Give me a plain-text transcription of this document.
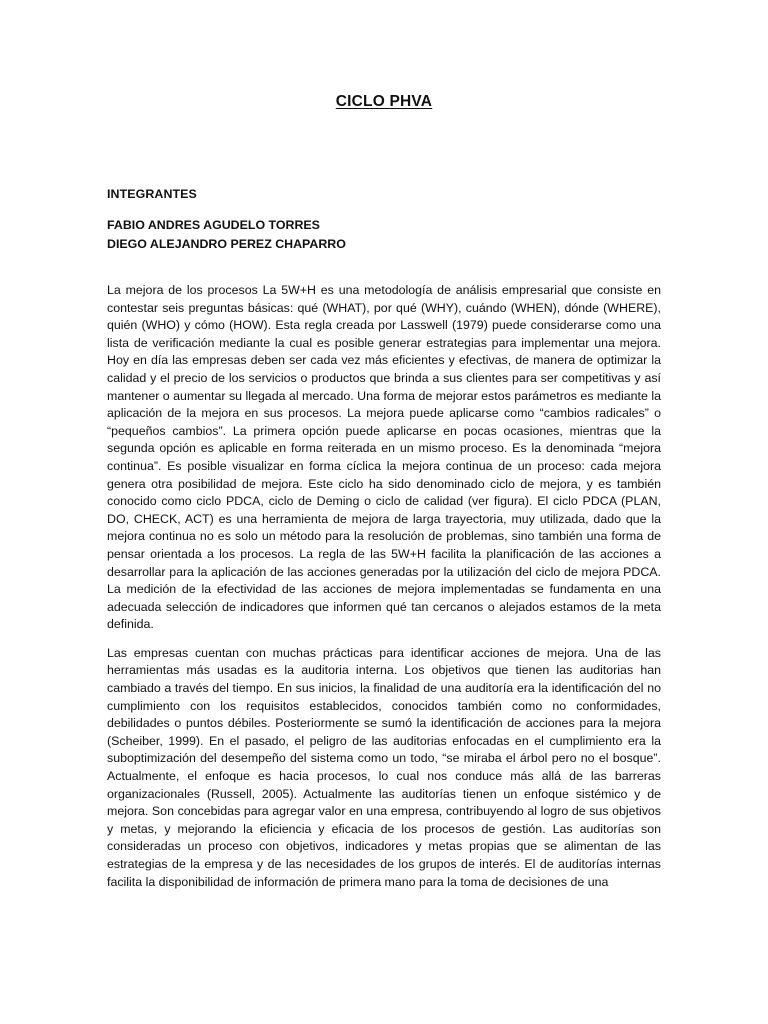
CICLO PHVA
INTEGRANTES
FABIO ANDRES AGUDELO TORRES
DIEGO ALEJANDRO PEREZ CHAPARRO

La mejora de los procesos La 5W+H es una metodología de análisis empresarial que consiste en contestar seis preguntas básicas: qué (WHAT), por qué (WHY), cuándo (WHEN), dónde (WHERE), quién (WHO) y cómo (HOW). Esta regla creada por Lasswell (1979) puede considerarse como una lista de verificación mediante la cual es posible generar estrategias para implementar una mejora. Hoy en día las empresas deben ser cada vez más eficientes y efectivas, de manera de optimizar la calidad y el precio de los servicios o productos que brinda a sus clientes para ser competitivas y así mantener o aumentar su llegada al mercado. Una forma de mejorar estos parámetros es mediante la aplicación de la mejora en sus procesos. La mejora puede aplicarse como “cambios radicales” o “pequeños cambios”. La primera opción puede aplicarse en pocas ocasiones, mientras que la segunda opción es aplicable en forma reiterada en un mismo proceso. Es la denominada “mejora continua”. Es posible visualizar en forma cíclica la mejora continua de un proceso: cada mejora genera otra posibilidad de mejora. Este ciclo ha sido denominado ciclo de mejora, y es también conocido como ciclo PDCA, ciclo de Deming o ciclo de calidad (ver figura). El ciclo PDCA (PLAN, DO, CHECK, ACT) es una herramienta de mejora de larga trayectoria, muy utilizada, dado que la mejora continua no es solo un método para la resolución de problemas, sino también una forma de pensar orientada a los procesos. La regla de las 5W+H facilita la planificación de las acciones a desarrollar para la aplicación de las acciones generadas por la utilización del ciclo de mejora PDCA. La medición de la efectividad de las acciones de mejora implementadas se fundamenta en una adecuada selección de indicadores que informen qué tan cercanos o alejados estamos de la meta definida.

Las empresas cuentan con muchas prácticas para identificar acciones de mejora. Una de las herramientas más usadas es la auditoria interna. Los objetivos que tienen las auditorias han cambiado a través del tiempo. En sus inicios, la finalidad de una auditoría era la identificación del no cumplimiento con los requisitos establecidos, conocidos también como no conformidades, debilidades o puntos débiles. Posteriormente se sumó la identificación de acciones para la mejora (Scheiber, 1999). En el pasado, el peligro de las auditorias enfocadas en el cumplimiento era la suboptimización del desempeño del sistema como un todo, “se miraba el árbol pero no el bosque”. Actualmente, el enfoque es hacia procesos, lo cual nos conduce más allá de las barreras organizacionales (Russell, 2005). Actualmente las auditorías tienen un enfoque sistémico y de mejora. Son concebidas para agregar valor en una empresa, contribuyendo al logro de sus objetivos y metas, y mejorando la eficiencia y eficacia de los procesos de gestión. Las auditorías son consideradas un proceso con objetivos, indicadores y metas propias que se alimentan de las estrategias de la empresa y de las necesidades de los grupos de interés. El de auditorías internas facilita la disponibilidad de información de primera mano para la toma de decisiones de una
